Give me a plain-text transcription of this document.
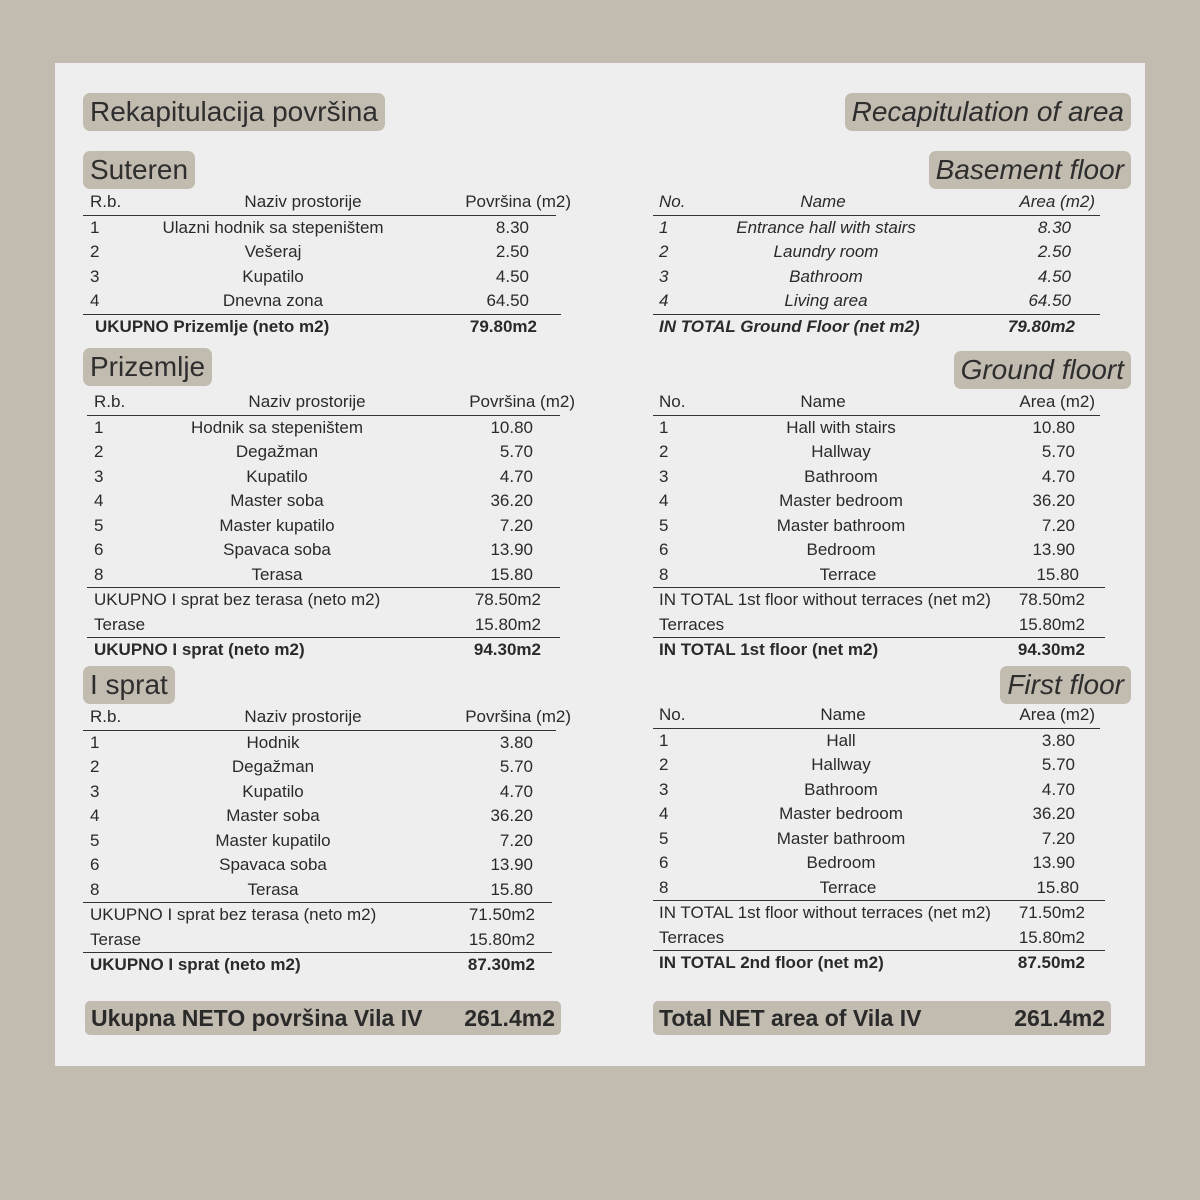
Rekapitulacija površina
Suteren
R.b.	Naziv prostorije	Površina (m2)
1	Ulazni hodnik sa stepeništem	8.30
2	Vešeraj	2.50
3	Kupatilo	4.50
4	Dnevna zona	64.50
UKUPNO Prizemlje (neto m2)	79.80m2
Prizemlje
R.b.	Naziv prostorije	Površina (m2)
1	Hodnik sa stepeništem	10.80
2	Degažman	5.70
3	Kupatilo	4.70
4	Master soba	36.20
5	Master kupatilo	7.20
6	Spavaca soba	13.90
8	Terasa	15.80
UKUPNO I sprat bez terasa (neto m2)	78.50m2
Terase	15.80m2
UKUPNO I sprat (neto m2)	94.30m2
I sprat
R.b.	Naziv prostorije	Površina (m2)
1	Hodnik	3.80
2	Degažman	5.70
3	Kupatilo	4.70
4	Master soba	36.20
5	Master kupatilo	7.20
6	Spavaca soba	13.90
8	Terasa	15.80
UKUPNO I sprat bez terasa (neto m2)	71.50m2
Terase	15.80m2
UKUPNO I sprat (neto m2)	87.30m2
Ukupna NETO površina Vila IV 261.4m2
Recapitulation of area
Basement floor
No.	Name	Area (m2)
1	Entrance hall with stairs	8.30
2	Laundry room	2.50
3	Bathroom	4.50
4	Living area	64.50
IN TOTAL Ground Floor (net m2)	79.80m2
Ground floort
No.	Name	Area (m2)
1	Hall with stairs	10.80
2	Hallway	5.70
3	Bathroom	4.70
4	Master bedroom	36.20
5	Master bathroom	7.20
6	Bedroom	13.90
8	Terrace	15.80
IN TOTAL 1st floor without terraces (net m2)	78.50m2
Terraces	15.80m2
IN TOTAL 1st floor (net m2)	94.30m2
First floor
No.	Name	Area (m2)
1	Hall	3.80
2	Hallway	5.70
3	Bathroom	4.70
4	Master bedroom	36.20
5	Master bathroom	7.20
6	Bedroom	13.90
8	Terrace	15.80
IN TOTAL 1st floor without terraces (net m2)	71.50m2
Terraces	15.80m2
IN TOTAL 2nd floor (net m2)	87.50m2
Total NET area of Vila IV	261.4m2
